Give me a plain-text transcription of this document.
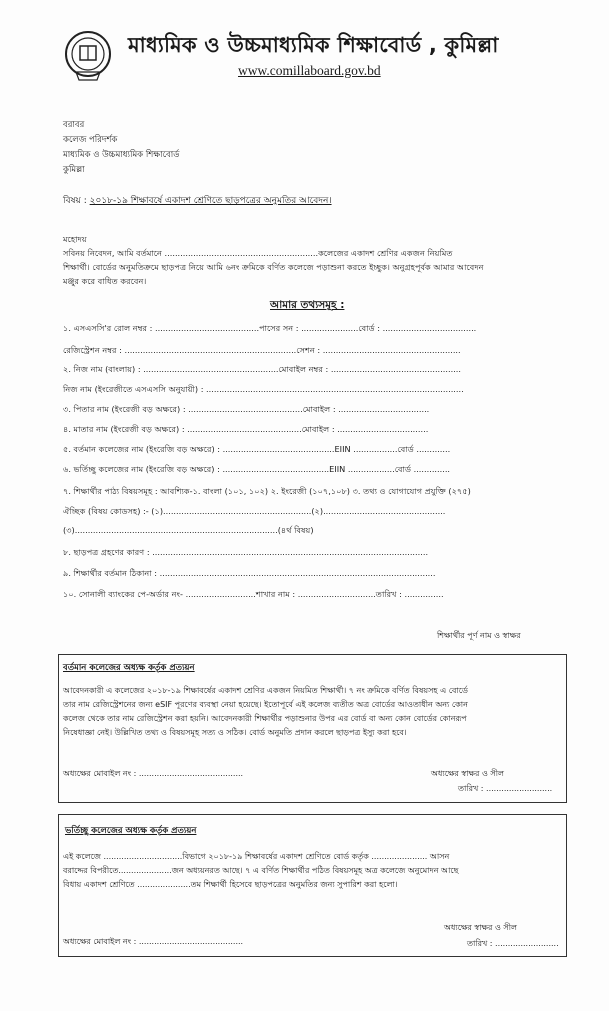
মাধ্যমিক ও উচ্চমাধ্যমিক শিক্ষাবোর্ড , কুমিল্লা
www.comillaboard.gov.bd
বরাবর
কলেজ পরিদর্শক
মাধ্যমিক ও উচ্চমাধ্যমিক শিক্ষাবোর্ড
কুমিল্লা
বিষয় : ২০১৮-১৯ শিক্ষাবর্ষে একাদশ শ্রেণিতে ছাড়পত্রের অনুমতির আবেদন।
মহোদয়
সবিনয় নিবেদন, আমি বর্তমানে ...........................................................কলেজের একাদশ শ্রেণির একজন নিয়মিত
শিক্ষার্থী। বোর্ডের অনুমতিক্রমে ছাড়পত্র নিয়ে আমি ৬নং ক্রমিকে বর্ণিত কলেজে পড়াশুনা করতে ইচ্ছুক। অনুগ্রহপূর্বক আমার আবেদন
মঞ্জুর করে বাধিত করবেন।
আমার তথ্যসমূহ :
১. এসএসসি'র রোল নম্বর : ........................................পাসের সন : ......................বোর্ড : ....................................
রেজিস্ট্রেশন নম্বর : ..................................................................সেশন : .....................................................
২. নিজ নাম (বাংলায়) : ....................................................মোবাইল নম্বর : ..................................................
নিজ নাম (ইংরেজীতে এসএসসি অনুযায়ী) : ...................................................................................................
৩. পিতার নাম (ইংরেজী বড় অক্ষরে) : ............................................মোবাইল : ...................................
৪. মাতার নাম (ইংরেজী বড় অক্ষরে) : ............................................মোবাইল : ...................................
৫. বর্তমান কলেজের নাম (ইংরেজি বড় অক্ষরে) : ...........................................EIIN .................বোর্ড .............
৬. ভর্তিচ্ছু কলেজের নাম (ইংরেজি বড় অক্ষরে) : .........................................EIIN ..................বোর্ড ..............
৭. শিক্ষার্থীর পাঠ্য বিষয়সমূহ : আবশ্যিক-১. বাংলা (১০১, ১০২) ২. ইংরেজী (১০৭,১০৮) ৩. তথ্য ও যোগাযোগ প্রযুক্তি (২৭৫)
ঐচ্ছিক (বিষয় কোডসহ) :- (১).........................................................(২)...............................................
(৩)..............................................................................(৪র্থ বিষয়)
৮. ছাড়পত্র গ্রহণের কারণ : ..........................................................................................................
৯. শিক্ষার্থীর বর্তমান ঠিকানা : ..........................................................................................................
১০. সোনালী ব্যাংকের পে-অর্ডার নং- ...........................শাখার নাম : ..............................তারিখ : ...............
শিক্ষার্থীর পূর্ণ নাম ও স্বাক্ষর
বর্তমান কলেজের অধ্যক্ষ কর্তৃক প্রত্যয়ন
আবেদনকারী এ কলেজের ২০১৮-১৯ শিক্ষাবর্ষের একাদশ শ্রেণির একজন নিয়মিত শিক্ষার্থী। ৭ নং ক্রমিকে বর্ণিত বিষয়সহ এ বোর্ডে
তার নাম রেজিস্ট্রেশনের জন্য eSIF পূরণের ব্যবস্থা নেয়া হয়েছে। ইতোপূর্বে এই কলেজ ব্যতীত অত্র বোর্ডের আওতাধীন অন্য কোন
কলেজ থেকে তার নাম রেজিস্ট্রেশন করা হয়নি। আবেদনকারী শিক্ষার্থীর পড়াশুনার উপর এর বোর্ড বা অন্য কোন বোর্ডের কোনরূপ
নিষেধাজ্ঞা নেই। উল্লিখিত তথ্য ও বিষয়সমূহ সত্য ও সঠিক। বোর্ড অনুমতি প্রদান করলে ছাড়পত্র ইস্যু করা হবে।
অধ্যক্ষের মোবাইল নং : .........................................	অধ্যক্ষের স্বাক্ষর ও সীল
তারিখ : ..........................
ভর্তিচ্ছু কলেজের অধ্যক্ষ কর্তৃক প্রত্যয়ন
এই কলেজে ...............................বিভাগে ২০১৮-১৯ শিক্ষাবর্ষের একাদশ শ্রেণিতে বোর্ড কর্তৃক ...................... আসন
বরাদ্দের বিপরীতে.....................জন অধ্যয়নরত আছে। ৭ এ বর্ণিত শিক্ষার্থীর পঠিত বিষয়সমূহ অত্র কলেজে অনুমোদন আছে
বিধায় একাদশ শ্রেণিতে .....................তম শিক্ষার্থী হিসেবে ছাড়পত্রের অনুমতির জন্য সুপারিশ করা হলো।
অধ্যক্ষের স্বাক্ষর ও সীল
অধ্যক্ষের মোবাইল নং : .........................................	তারিখ : .........................
